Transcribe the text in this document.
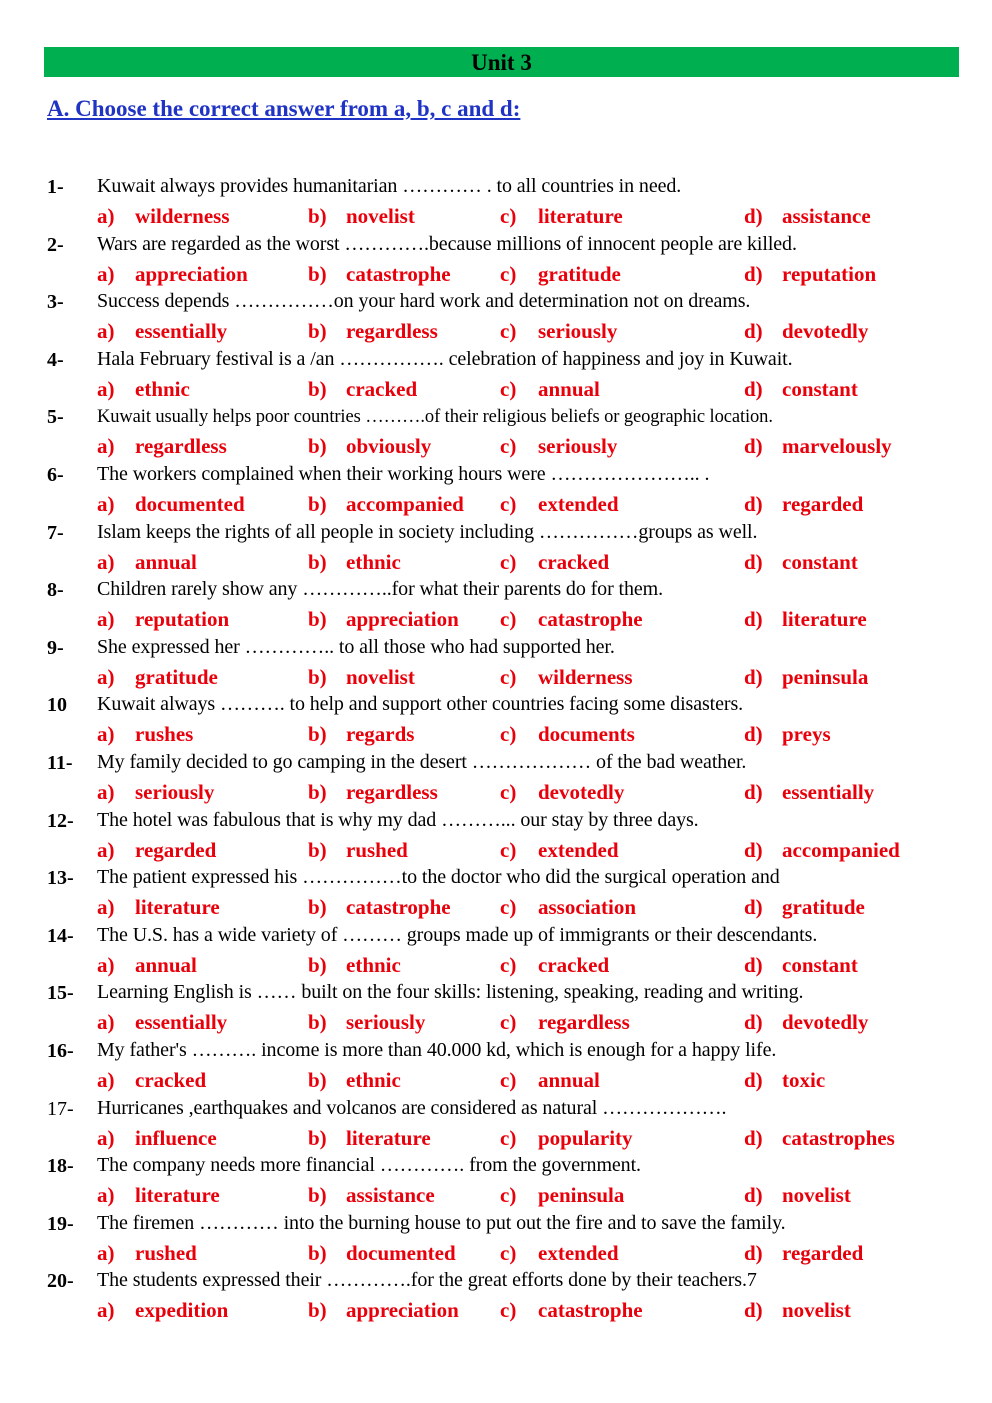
Unit 3
A. Choose the correct answer from a, b, c and d:
1- Kuwait always provides humanitarian ………… . to all countries in need.
a) wilderness	b) novelist	c) literature	d) assistance
2- Wars are regarded as the worst ………….because millions of innocent people are killed.
a) appreciation	b) catastrophe c) gratitude	d) reputation
3- Success depends ……………on your hard work and determination not on dreams.
a) essentially	b) regardless	c) seriously	d) devotedly
4- Hala February festival is a /an ……………. celebration of happiness and joy in Kuwait.
a) ethnic	b) cracked	c) annual	d) constant
5- Kuwait usually helps poor countries ……….of their religious beliefs or geographic location.
a) regardless	b) obviously	c) seriously	d) marvelously
6- The workers complained when their working hours were ………………….. .
a) documented	b) accompanied c) extended	d) regarded
7- Islam keeps the rights of all people in society including ……………groups as well.
a) annual	b) ethnic	c) cracked	d) constant
8- Children rarely show any …………..for what their parents do for them.
a) reputation	b) appreciation c) catastrophe	d) literature
9- She expressed her ………….. to all those who had supported her.
a) gratitude	b) novelist	c) wilderness	d) peninsula
10 Kuwait always ………. to help and support other countries facing some disasters.
a) rushes	b) regards	c) documents	d) preys
11- My family decided to go camping in the desert ……………… of the bad weather.
a) seriously	b) regardless	c) devotedly	d) essentially
12- The hotel was fabulous that is why my dad ………... our stay by three days.
a) regarded	b) rushed	c) extended	d) accompanied
13- The patient expressed his ……………to the doctor who did the surgical operation and
a) literature	b) catastrophe c) association	d) gratitude
14- The U.S. has a wide variety of ……… groups made up of immigrants or their descendants.
a) annual	b) ethnic	c) cracked	d) constant
15- Learning English is …… built on the four skills: listening, speaking, reading and writing.
a) essentially	b) seriously	c) regardless	d) devotedly
16- My father's ………. income is more than 40.000 kd, which is enough for a happy life.
a) cracked	b) ethnic	c) annual	d) toxic
17- Hurricanes ,earthquakes and volcanos are considered as natural ……………….
a) influence	b) literature	c) popularity	d) catastrophes
18- The company needs more financial …………. from the government.
a) literature	b) assistance	c) peninsula	d) novelist
19- The firemen ………… into the burning house to put out the fire and to save the family.
a) rushed	b) documented c) extended	d) regarded
20- The students expressed their ………….for the great efforts done by their teachers.7
a) expedition	b) appreciation c) catastrophe	d) novelist
